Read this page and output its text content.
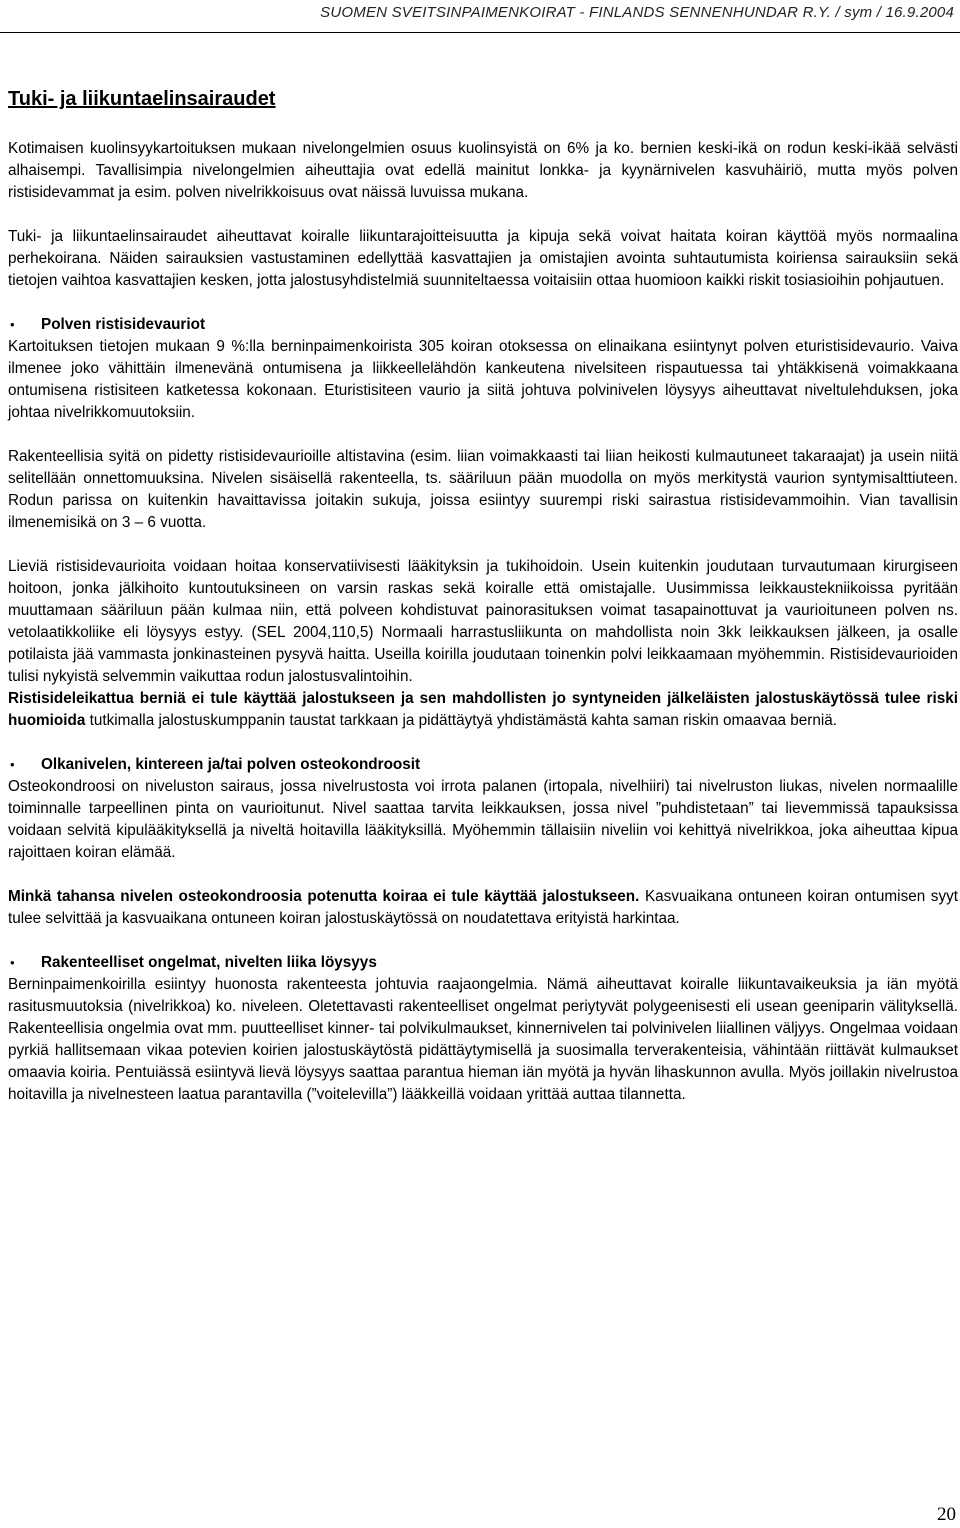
SUOMEN SVEITSINPAIMENKOIRAT - FINLANDS SENNENHUNDAR R.Y. / sym / 16.9.2004
Tuki- ja liikuntaelinsairaudet

Kotimaisen kuolinsyykartoituksen mukaan nivelongelmien osuus kuolinsyistä on 6% ja ko. bernien keski-ikä on rodun keski-ikää selvästi alhaisempi. Tavallisimpia nivelongelmien aiheuttajia ovat edellä mainitut lonkka- ja kyynärnivelen kasvuhäiriö, mutta myös polven ristisidevammat ja esim. polven nivelrikkoisuus ovat näissä luvuissa mukana.

Tuki- ja liikuntaelinsairaudet aiheuttavat koiralle liikuntarajoitteisuutta ja kipuja sekä voivat haitata koiran käyttöä myös normaalina perhekoirana. Näiden sairauksien vastustaminen edellyttää kasvattajien ja omistajien avointa suhtautumista koiriensa sairauksiin sekä tietojen vaihtoa kasvattajien kesken, jotta jalostusyhdistelmiä suunniteltaessa voitaisiin ottaa huomioon kaikki riskit tosiasioihin pohjautuen.

• Polven ristisidevauriot

Kartoituksen tietojen mukaan 9 %:lla berninpaimenkoirista 305 koiran otoksessa on elinaikana esiintynyt polven eturistisidevaurio. Vaiva ilmenee joko vähittäin ilmenevänä ontumisena ja liikkeellelähdön kankeutena nivelsiteen rispautuessa tai yhtäkkisenä voimakkaana ontumisena ristisiteen katketessa kokonaan. Eturistisiteen vaurio ja siitä johtuva polvinivelen löysyys aiheuttavat niveltulehduksen, joka johtaa nivelrikkomuutoksiin.

Rakenteellisia syitä on pidetty ristisidevaurioille altistavina (esim. liian voimakkaasti tai liian heikosti kulmautuneet takaraajat) ja usein niitä selitellään onnettomuuksina. Nivelen sisäisellä rakenteella, ts. sääriluun pään muodolla on myös merkitystä vaurion syntymisalttiuteen. Rodun parissa on kuitenkin havaittavissa joitakin sukuja, joissa esiintyy suurempi riski sairastua ristisidevammoihin. Vian tavallisin ilmenemisikä on 3 – 6 vuotta.

Lieviä ristisidevaurioita voidaan hoitaa konservatiivisesti lääkityksin ja tukihoidoin. Usein kuitenkin joudutaan turvautumaan kirurgiseen hoitoon, jonka jälkihoito kuntoutuksineen on varsin raskas sekä koiralle että omistajalle. Uusimmissa leikkaustekniikoissa pyritään muuttamaan sääriluun pään kulmaa niin, että polveen kohdistuvat painorasituksen voimat tasapainottuvat ja vaurioituneen polven ns. vetolaatikkoliike eli löysyys estyy. (SEL 2004,110,5) Normaali harrastusliikunta on mahdollista noin 3kk leikkauksen jälkeen, ja osalle potilaista jää vammasta jonkinasteinen pysyvä haitta. Useilla koirilla joudutaan toinenkin polvi leikkaamaan myöhemmin. Ristisidevaurioiden tulisi nykyistä selvemmin vaikuttaa rodun jalostusvalintoihin.

Ristisideleikattua berniä ei tule käyttää jalostukseen ja sen mahdollisten jo syntyneiden jälkeläisten jalostuskäytössä tulee riski huomioida tutkimalla jalostuskumppanin taustat tarkkaan ja pidättäytyä yhdistämästä kahta saman riskin omaavaa berniä.

• Olkanivelen, kintereen ja/tai polven osteokondroosit

Osteokondroosi on niveluston sairaus, jossa nivelrustosta voi irrota palanen (irtopala, nivelhiiri) tai nivelruston liukas, nivelen normaalille toiminnalle tarpeellinen pinta on vaurioitunut. Nivel saattaa tarvita leikkauksen, jossa nivel ”puhdistetaan” tai lievemmissä tapauksissa voidaan selvitä kipulääkityksellä ja niveltä hoitavilla lääkityksillä. Myöhemmin tällaisiin niveliin voi kehittyä nivelrikkoa, joka aiheuttaa kipua rajoittaen koiran elämää.

Minkä tahansa nivelen osteokondroosia potenutta koiraa ei tule käyttää jalostukseen. Kasvuaikana ontuneen koiran ontumisen syyt tulee selvittää ja kasvuaikana ontuneen koiran jalostuskäytössä on noudatettava erityistä harkintaa.

• Rakenteelliset ongelmat, nivelten liika löysyys

Berninpaimenkoirilla esiintyy huonosta rakenteesta johtuvia raajaongelmia. Nämä aiheuttavat koiralle liikuntavaikeuksia ja iän myötä rasitusmuutoksia (nivelrikkoa) ko. niveleen. Oletettavasti rakenteelliset ongelmat periytyvät polygeenisesti eli usean geeniparin välityksellä. Rakenteellisia ongelmia ovat mm. puutteelliset kinner- tai polvikulmaukset, kinnernivelen tai polvinivelen liiallinen väljyys. Ongelmaa voidaan pyrkiä hallitsemaan vikaa potevien koirien jalostuskäytöstä pidättäytymisellä ja suosimalla terverakenteisia, vähintään riittävät kulmaukset omaavia koiria. Pentuiässä esiintyvä lievä löysyys saattaa parantua hieman iän myötä ja hyvän lihaskunnon avulla. Myös joillakin nivelrustoa hoitavilla ja nivelnesteen laatua parantavilla (”voitelevilla”) lääkkeillä voidaan yrittää auttaa tilannetta.

20
